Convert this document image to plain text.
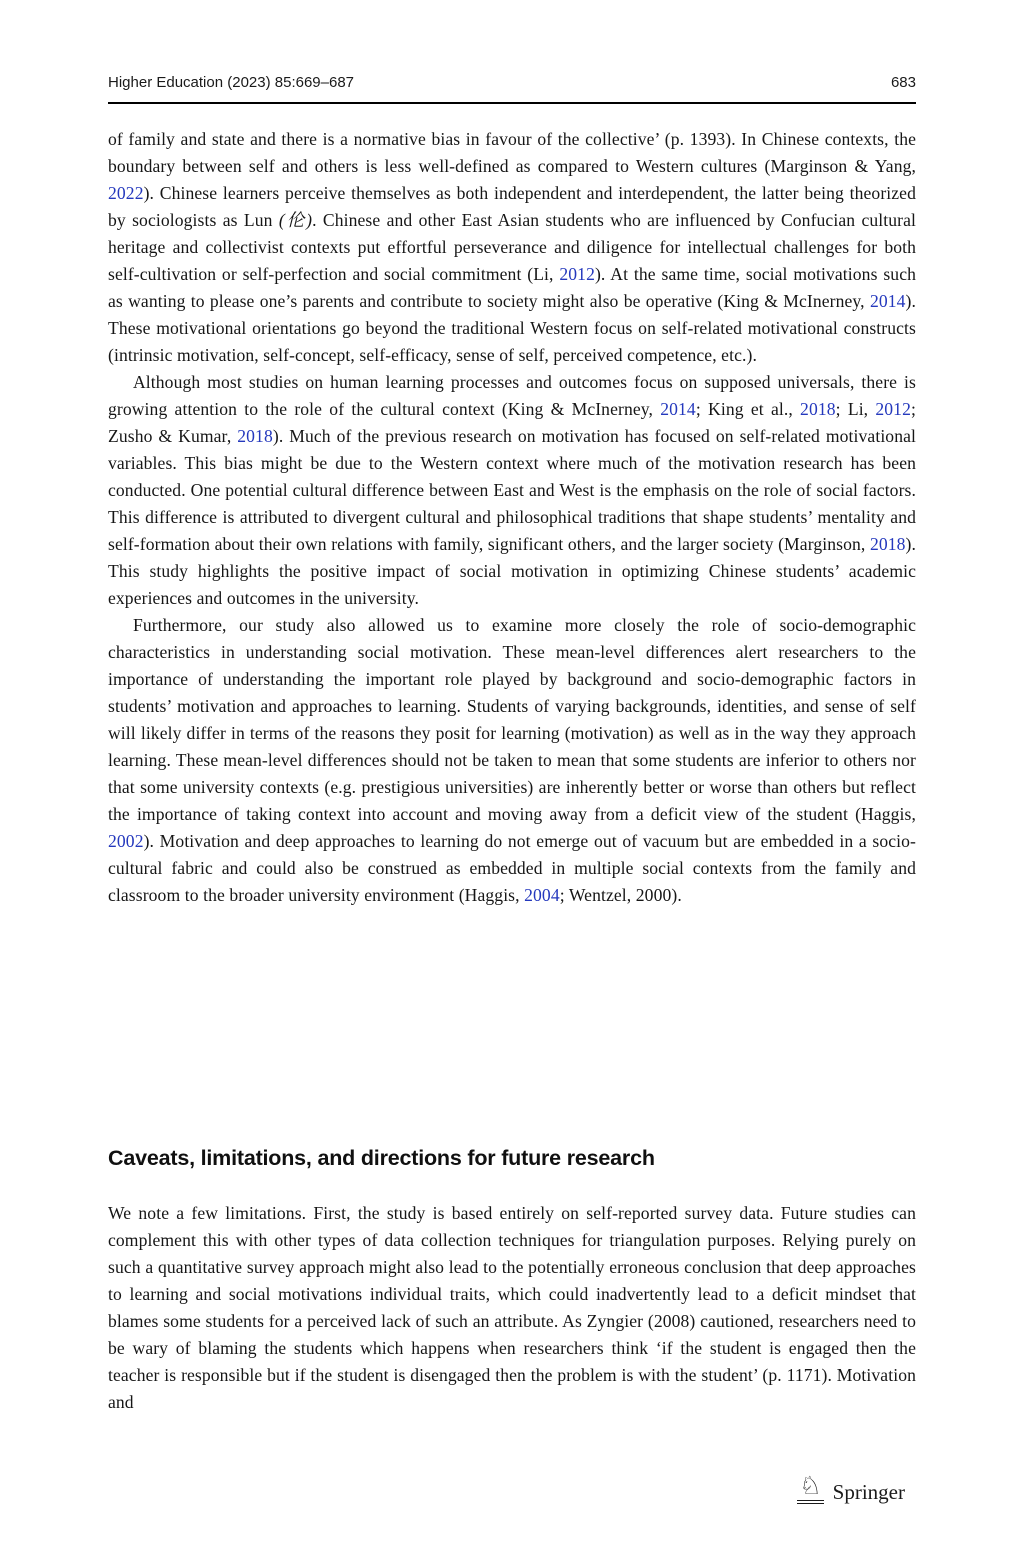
Higher Education (2023) 85:669–687	683

of family and state and there is a normative bias in favour of the collective’ (p. 1393). In Chinese contexts, the boundary between self and others is less well-defined as compared to Western cultures (Marginson & Yang, 2022). Chinese learners perceive themselves as both independent and interdependent, the latter being theorized by sociologists as Lun (伦). Chinese and other East Asian students who are influenced by Confucian cultural heritage and collectivist contexts put effortful perseverance and diligence for intellectual challenges for both self-cultivation or self-perfection and social commitment (Li, 2012). At the same time, social motivations such as wanting to please one’s parents and contribute to society might also be operative (King & McInerney, 2014). These motivational orientations go beyond the traditional Western focus on self-related motivational constructs (intrinsic motivation, self-concept, self-efficacy, sense of self, perceived competence, etc.).

Although most studies on human learning processes and outcomes focus on supposed universals, there is growing attention to the role of the cultural context (King & McInerney, 2014; King et al., 2018; Li, 2012; Zusho & Kumar, 2018). Much of the previous research on motivation has focused on self-related motivational variables. This bias might be due to the Western context where much of the motivation research has been conducted. One potential cultural difference between East and West is the emphasis on the role of social factors. This difference is attributed to divergent cultural and philosophical traditions that shape students’ mentality and self-formation about their own relations with family, significant others, and the larger society (Marginson, 2018). This study highlights the positive impact of social motivation in optimizing Chinese students’ academic experiences and outcomes in the university.

Furthermore, our study also allowed us to examine more closely the role of socio-demographic characteristics in understanding social motivation. These mean-level differences alert researchers to the importance of understanding the important role played by background and socio-demographic factors in students’ motivation and approaches to learning. Students of varying backgrounds, identities, and sense of self will likely differ in terms of the reasons they posit for learning (motivation) as well as in the way they approach learning. These mean-level differences should not be taken to mean that some students are inferior to others nor that some university contexts (e.g. prestigious universities) are inherently better or worse than others but reflect the importance of taking context into account and moving away from a deficit view of the student (Haggis, 2002). Motivation and deep approaches to learning do not emerge out of vacuum but are embedded in a socio-cultural fabric and could also be construed as embedded in multiple social contexts from the family and classroom to the broader university environment (Haggis, 2004; Wentzel, 2000).

Caveats, limitations, and directions for future research

We note a few limitations. First, the study is based entirely on self-reported survey data. Future studies can complement this with other types of data collection techniques for triangulation purposes. Relying purely on such a quantitative survey approach might also lead to the potentially erroneous conclusion that deep approaches to learning and social motivations individual traits, which could inadvertently lead to a deficit mindset that blames some students for a perceived lack of such an attribute. As Zyngier (2008) cautioned, researchers need to be wary of blaming the students which happens when researchers think ‘if the student is engaged then the teacher is responsible but if the student is disengaged then the problem is with the student’ (p. 1171). Motivation and

♘ Springer
